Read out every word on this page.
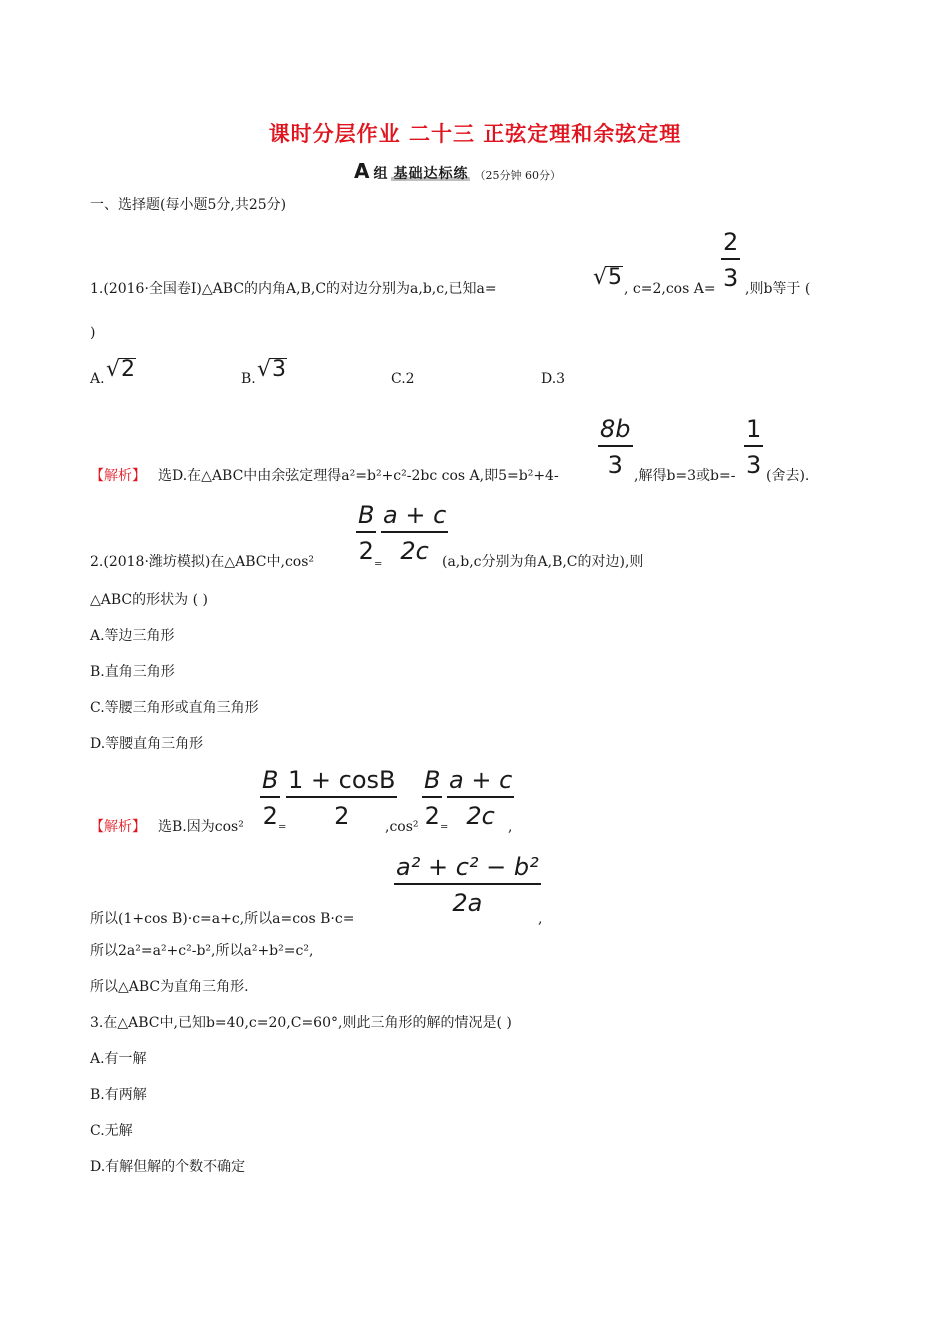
课时分层作业 二十三 正弦定理和余弦定理
A 组 基础达标练 （25分钟 60分）
一、选择题(每小题5分,共25分)
1.(2016·全国卷Ⅰ)△ABC的内角A,B,C的对边分别为a,b,c,已知a=	√5 , c=2,cos A=
2
3 ,则b等于 (
)
A. √2	B. √3	C.2	D.3
【解析】 选D.在△ABC中由余弦定理得a²=b²+c²-2bc cos A,即5=b²+4-
8b
3 ,解得b=3或b=-
1
3 (舍去).
2.(2018·潍坊模拟)在△ABC中,cos²
B
2 =
a + c
2c (a,b,c分别为角A,B,C的对边),则
△ABC的形状为 ( )
A.等边三角形
B.直角三角形
C.等腰三角形或直角三角形
D.等腰直角三角形
【解析】 选B.因为cos²
B
2 =
1 + cosB
2	,cos²
B
2 =
a + c
2c ,
所以(1+cos B)·c=a+c,所以a=cos B·c=
a² + c² − b²
2a
,
所以2a²=a²+c²-b²,所以a²+b²=c²,
所以△ABC为直角三角形.
3.在△ABC中,已知b=40,c=20,C=60°,则此三角形的解的情况是( )
A.有一解
B.有两解
C.无解
D.有解但解的个数不确定
